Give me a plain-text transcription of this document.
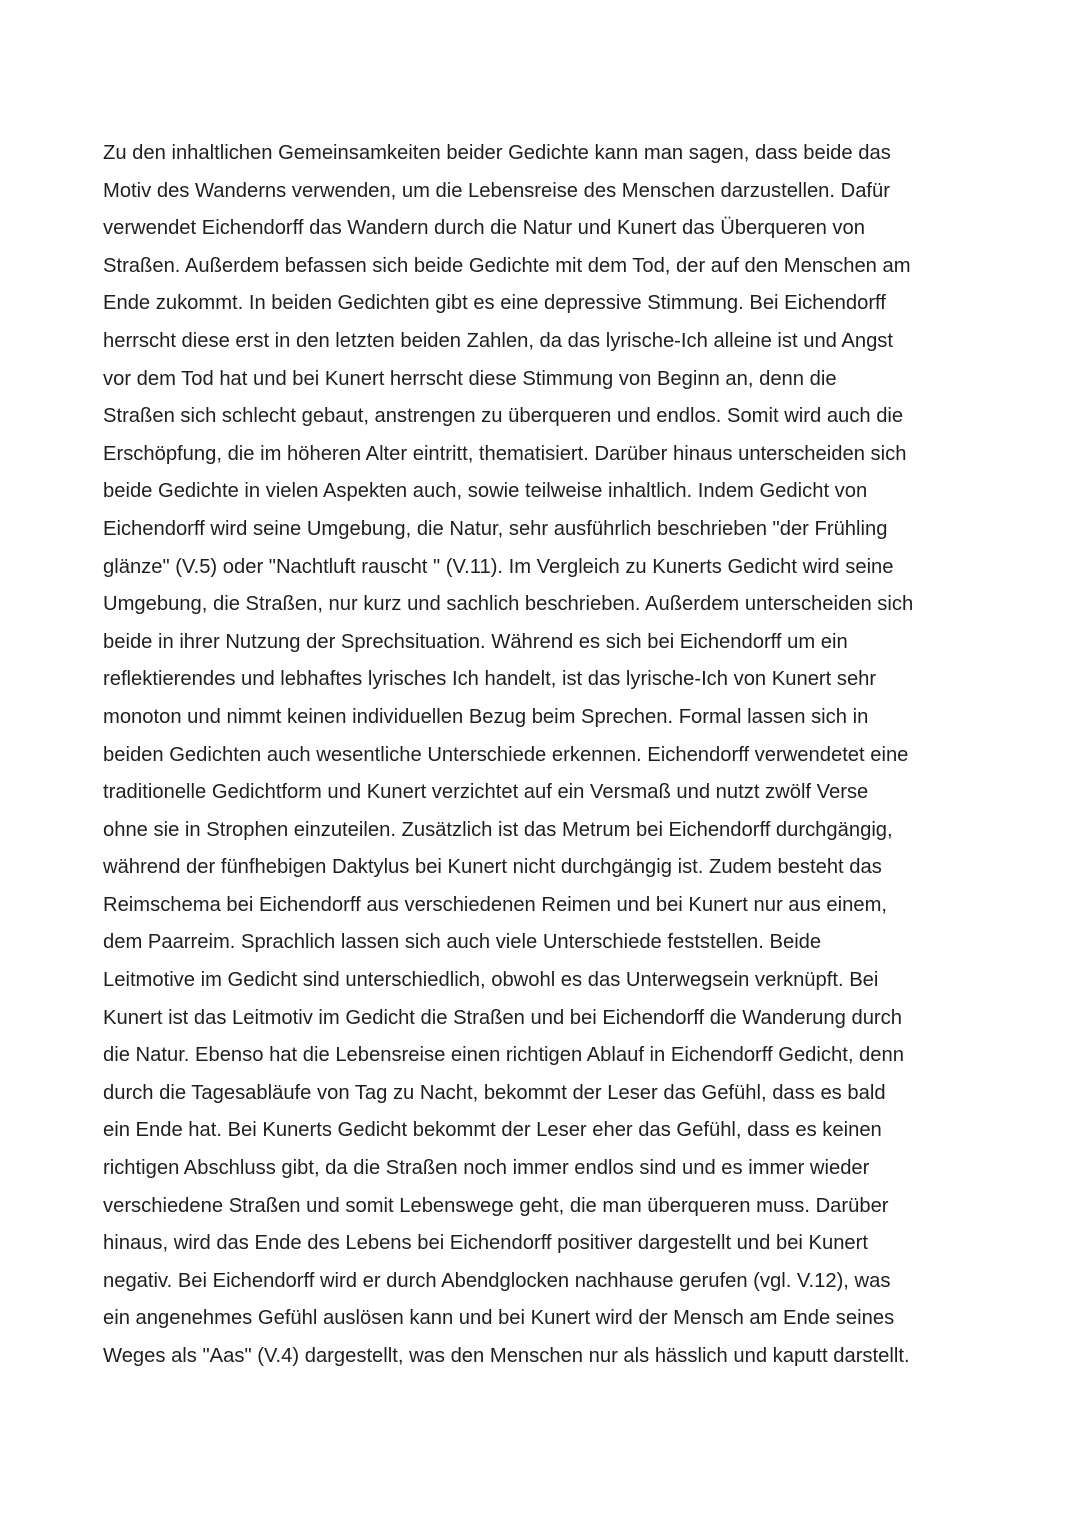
Zu den inhaltlichen Gemeinsamkeiten beider Gedichte kann man sagen, dass beide das
Motiv des Wanderns verwenden, um die Lebensreise des Menschen darzustellen. Dafür
verwendet Eichendorff das Wandern durch die Natur und Kunert das Überqueren von
Straßen. Außerdem befassen sich beide Gedichte mit dem Tod, der auf den Menschen am
Ende zukommt. In beiden Gedichten gibt es eine depressive Stimmung. Bei Eichendorff
herrscht diese erst in den letzten beiden Zahlen, da das lyrische-Ich alleine ist und Angst
vor dem Tod hat und bei Kunert herrscht diese Stimmung von Beginn an, denn die
Straßen sich schlecht gebaut, anstrengen zu überqueren und endlos. Somit wird auch die
Erschöpfung, die im höheren Alter eintritt, thematisiert. Darüber hinaus unterscheiden sich
beide Gedichte in vielen Aspekten auch, sowie teilweise inhaltlich. Indem Gedicht von
Eichendorff wird seine Umgebung, die Natur, sehr ausführlich beschrieben "der Frühling
glänze" (V.5) oder "Nachtluft rauscht " (V.11). Im Vergleich zu Kunerts Gedicht wird seine
Umgebung, die Straßen, nur kurz und sachlich beschrieben. Außerdem unterscheiden sich
beide in ihrer Nutzung der Sprechsituation. Während es sich bei Eichendorff um ein
reflektierendes und lebhaftes lyrisches Ich handelt, ist das lyrische-Ich von Kunert sehr
monoton und nimmt keinen individuellen Bezug beim Sprechen. Formal lassen sich in
beiden Gedichten auch wesentliche Unterschiede erkennen. Eichendorff verwendetet eine
traditionelle Gedichtform und Kunert verzichtet auf ein Versmaß und nutzt zwölf Verse
ohne sie in Strophen einzuteilen. Zusätzlich ist das Metrum bei Eichendorff durchgängig,
während der fünfhebigen Daktylus bei Kunert nicht durchgängig ist. Zudem besteht das
Reimschema bei Eichendorff aus verschiedenen Reimen und bei Kunert nur aus einem,
dem Paarreim. Sprachlich lassen sich auch viele Unterschiede feststellen. Beide
Leitmotive im Gedicht sind unterschiedlich, obwohl es das Unterwegsein verknüpft. Bei
Kunert ist das Leitmotiv im Gedicht die Straßen und bei Eichendorff die Wanderung durch
die Natur. Ebenso hat die Lebensreise einen richtigen Ablauf in Eichendorff Gedicht, denn
durch die Tagesabläufe von Tag zu Nacht, bekommt der Leser das Gefühl, dass es bald
ein Ende hat. Bei Kunerts Gedicht bekommt der Leser eher das Gefühl, dass es keinen
richtigen Abschluss gibt, da die Straßen noch immer endlos sind und es immer wieder
verschiedene Straßen und somit Lebenswege geht, die man überqueren muss. Darüber
hinaus, wird das Ende des Lebens bei Eichendorff positiver dargestellt und bei Kunert
negativ. Bei Eichendorff wird er durch Abendglocken nachhause gerufen (vgl. V.12), was
ein angenehmes Gefühl auslösen kann und bei Kunert wird der Mensch am Ende seines
Weges als "Aas" (V.4) dargestellt, was den Menschen nur als hässlich und kaputt darstellt.
